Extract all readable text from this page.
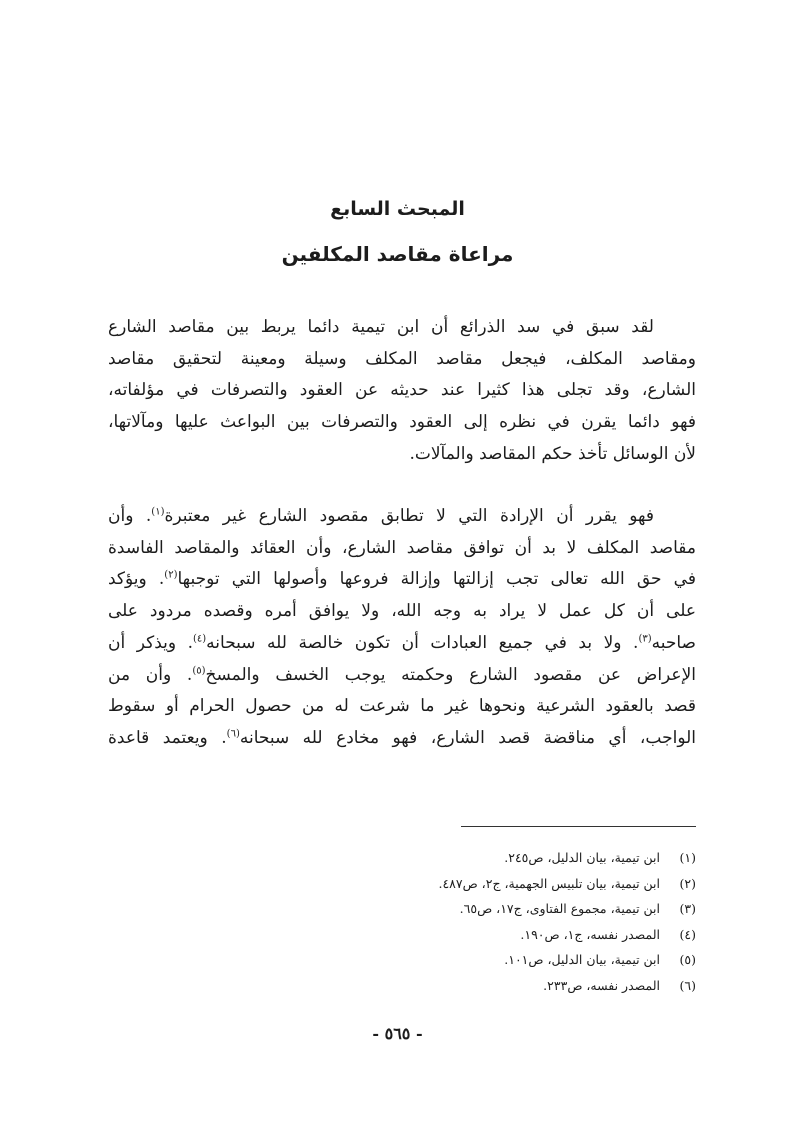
المبحث السابع
مراعاة مقاصد المكلفين
لقد سبق في سد الذرائع أن ابن تيمية دائما يربط بين مقاصد الشارع
ومقاصد المكلف، فيجعل مقاصد المكلف وسيلة ومعينة لتحقيق مقاصد
الشارع، وقد تجلى هذا كثيرا عند حديثه عن العقود والتصرفات في مؤلفاته،
فهو دائما يقرن في نظره إلى العقود والتصرفات بين البواعث عليها ومآلاتها،
لأن الوسائل تأخذ حكم المقاصد والمآلات.
فهو يقرر أن الإرادة التي لا تطابق مقصود الشارع غير معتبرة$^{(١)}$. وأن
مقاصد المكلف لا بد أن توافق مقاصد الشارع، وأن العقائد والمقاصد الفاسدة
في حق الله تعالى تجب إزالتها وإزالة فروعها وأصولها التي توجبها$^{(٢)}$. ويؤكد
على أن كل عمل لا يراد به وجه الله، ولا يوافق أمره وقصده مردود على
صاحبه$^{(٣)}$. ولا بد في جميع العبادات أن تكون خالصة لله سبحانه$^{(٤)}$. ويذكر أن
الإعراض عن مقصود الشارع وحكمته يوجب الخسف والمسخ$^{(٥)}$. وأن من
قصد بالعقود الشرعية ونحوها غير ما شرعت له من حصول الحرام أو سقوط
الواجب، أي مناقضة قصد الشارع، فهو مخادع لله سبحانه$^{(٦)}$. ويعتمد قاعدة
(١) ابن تيمية، بيان الدليل، ص٢٤٥.
(٢) ابن تيمية، بيان تلبيس الجهمية، ج٢، ص٤٨٧.
(٣) ابن تيمية، مجموع الفتاوى، ج١٧، ص٦٥.
(٤) المصدر نفسه، ج١، ص١٩٠.
(٥) ابن تيمية، بيان الدليل، ص١٠١.
(٦) المصدر نفسه، ص٢٣٣.
- ٥٦٥ -
